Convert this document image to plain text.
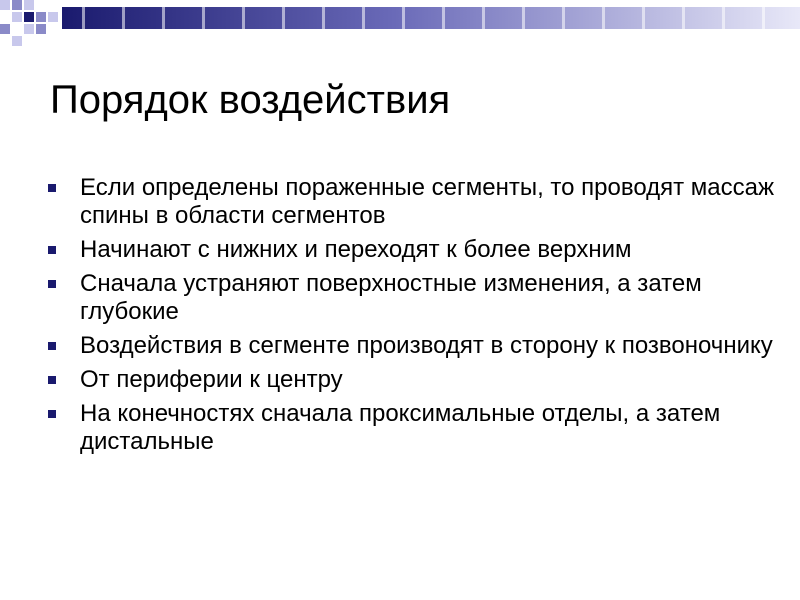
Порядок воздействия
Если определены пораженные сегменты, то проводят массаж спины в области сегментов
Начинают с нижних и переходят к более верхним
Сначала устраняют поверхностные изменения, а затем глубокие
Воздействия в сегменте производят в сторону к позвоночнику
От периферии к центру
На конечностях сначала проксимальные отделы, а затем дистальные
